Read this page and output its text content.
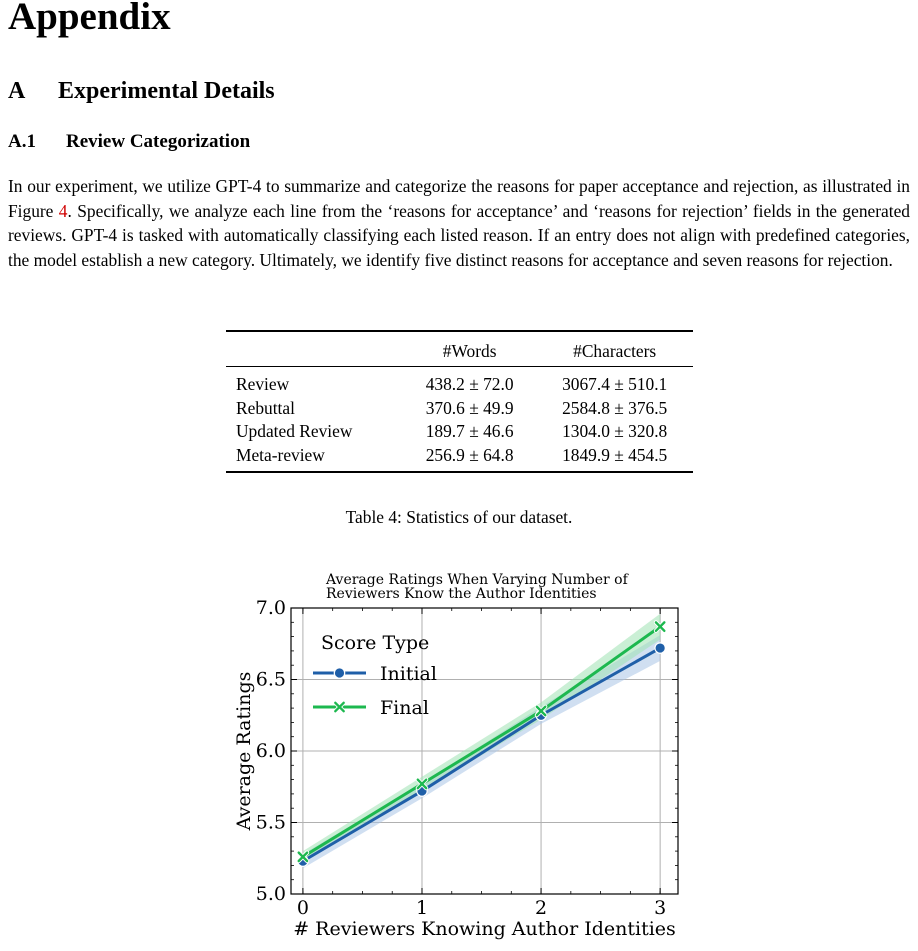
Appendix
A Experimental Details
A.1 Review Categorization

In our experiment, we utilize GPT-4 to summarize and categorize the reasons for paper acceptance and rejection, as illustrated in Figure 4. Specifically, we analyze each line from the ‘reasons for acceptance’ and ‘reasons for rejection’ fields in the generated reviews. GPT-4 is tasked with automatically classifying each listed reason. If an entry does not align with predefined categories, the model establish a new category. Ultimately, we identify five distinct reasons for acceptance and seven reasons for rejection.

	#Words	#Characters
Review	438.2 ± 72.0	3067.4 ± 510.1
Rebuttal	370.6 ± 49.9	2584.8 ± 376.5
Updated Review	189.7 ± 46.6	1304.0 ± 320.8
Meta-review	256.9 ± 64.8	1849.9 ± 454.5
Table 4: Statistics of our dataset.
5.0
5.5
6.0
6.5
7.0
0	1	2	3
Average Ratings When Varying Number of
Reviewers Know the Author Identities
# Reviewers Knowing Author Identities
Average Ratings
Score Type
Initial
Final
